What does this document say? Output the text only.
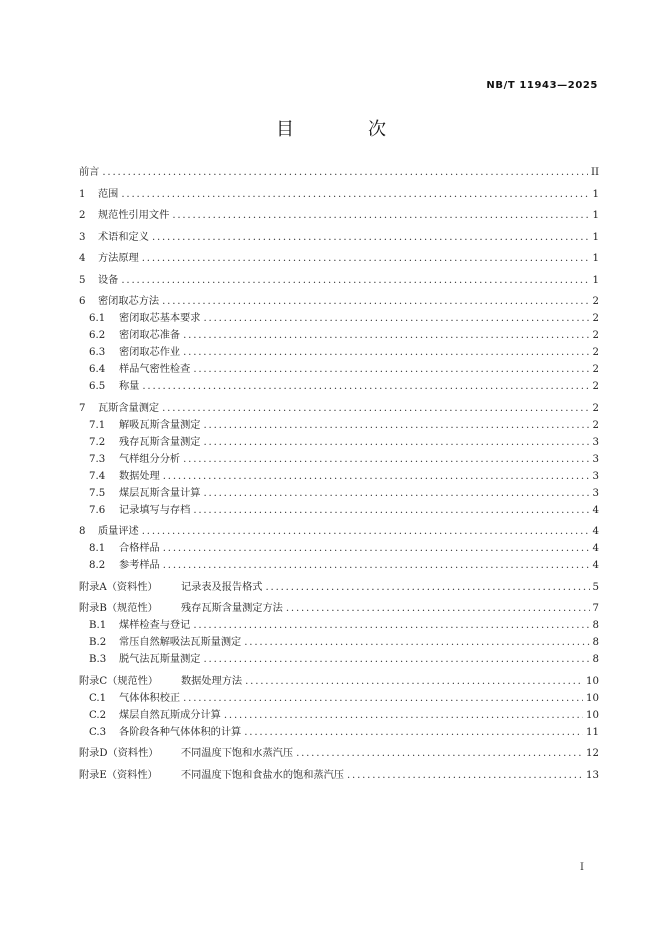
NB/T 11943—2025
目　次
前言 .....	II
1	范围 .....	1
2	规范性引用文件 .....	1
3	术语和定义 .....	1
4	方法原理 .....	1
5	设备 .....	1
6	密闭取芯方法 .....	2
6.1	密闭取芯基本要求 .....	2
6.2	密闭取芯准备 .....	2
6.3	密闭取芯作业 .....	2
6.4	样品气密性检查 .....	2
6.5	称量 .....	2
7	瓦斯含量测定 .....	2
7.1	解吸瓦斯含量测定 .....	2
7.2	残存瓦斯含量测定 .....	3
7.3	气样组分分析 .....	3
7.4	数据处理 .....	3
7.5	煤层瓦斯含量计算 .....	3
7.6	记录填写与存档 .....	4
8	质量评述 .....	4
8.1	合格样品 .....	4
8.2	参考样品 .....	4
附录A（资料性）	记录表及报告格式 .....	5
附录B（规范性）	残存瓦斯含量测定方法 .....	7
B.1	煤样检查与登记 .....	8
B.2	常压自然解吸法瓦斯量测定 .....	8
B.3	脱气法瓦斯量测定 .....	8
附录C（规范性）	数据处理方法 .....	10
C.1	气体体积校正 .....	10
C.2	煤层自然瓦斯成分计算 .....	10
C.3	各阶段各种气体体积的计算 .....	11
附录D（资料性）	不同温度下饱和水蒸汽压 .....	12
附录E（资料性）	不同温度下饱和食盐水的饱和蒸汽压 .....	13
I
